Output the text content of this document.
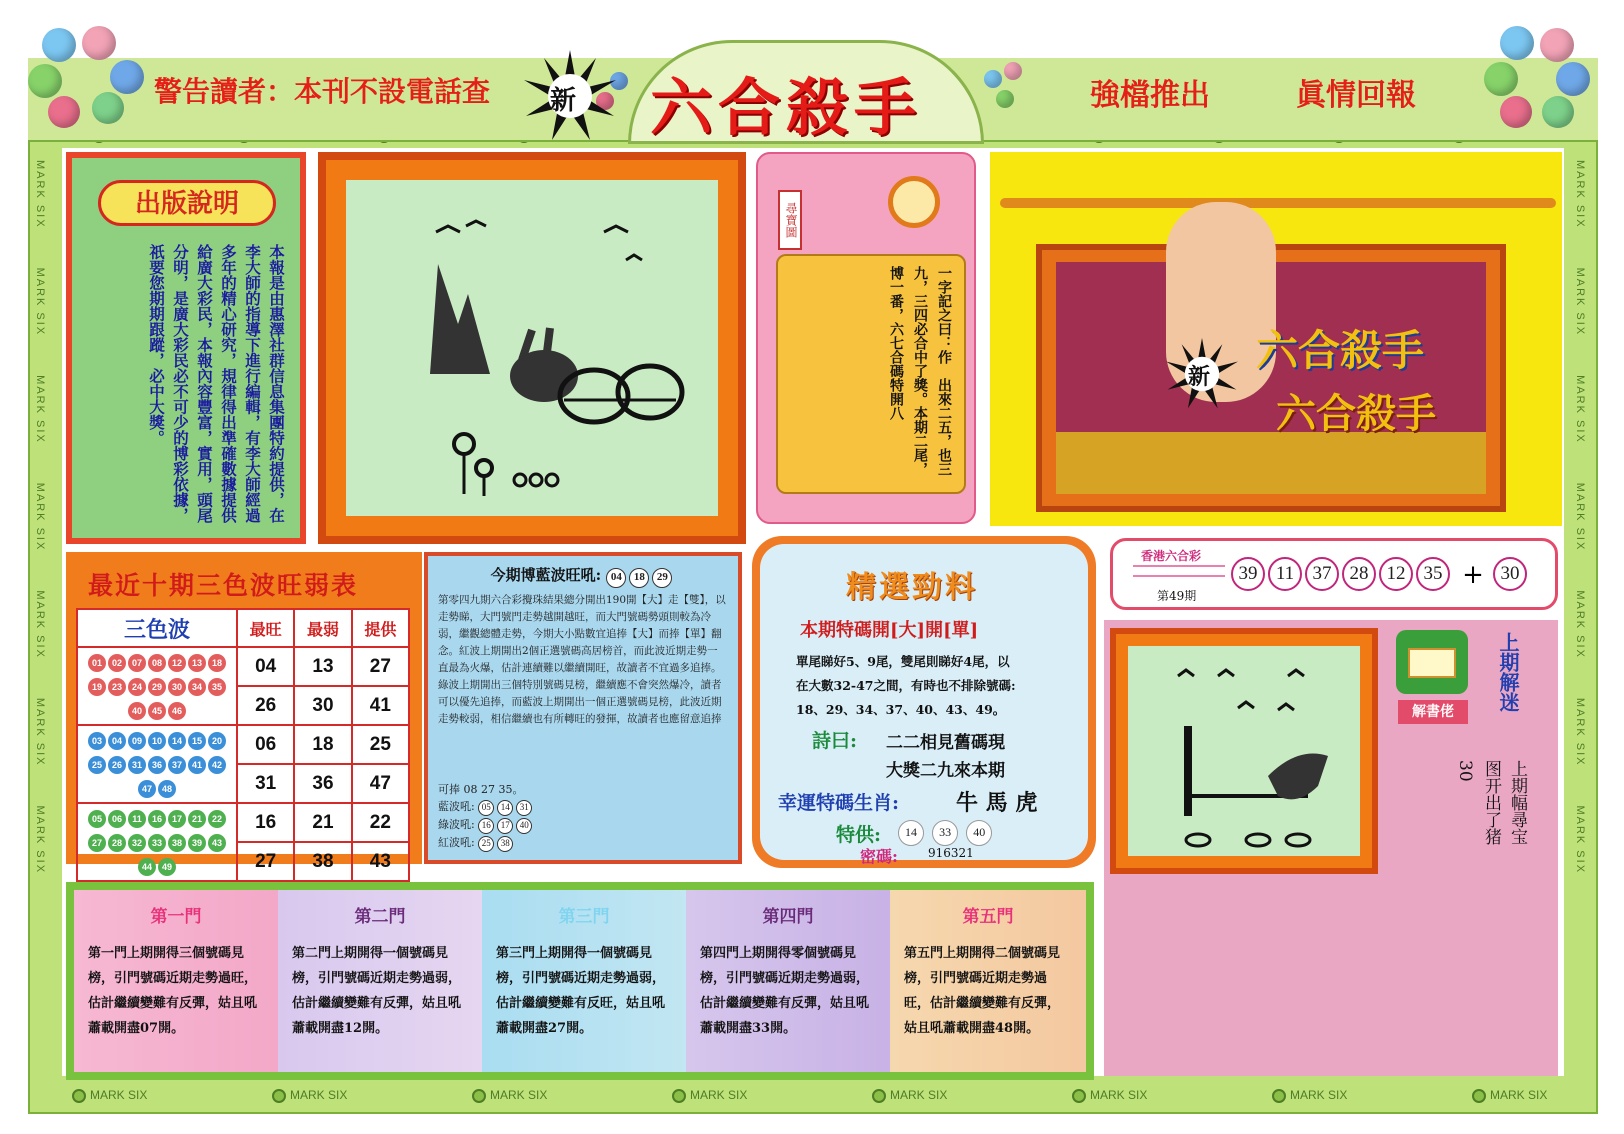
MARK SIX	MARK SIX	MARK SIX	MARK SIX	MARK SIX	MARK SIX	MARK SIX	MARK SIX
MARK SIX　　　MARK SIX　　　MARK SIX　　　MARK SIX　　　MARK SIX　　　MARK SIX　　　MARK SIX
MARK SIX　　　MARK SIX　　　MARK SIX　　　MARK SIX　　　MARK SIX　　　MARK SIX　　　MARK SIX
警告讀者：本刊不設電話查 新 六合殺手	強檔推出	眞情回報
出版說明
本報是由惠澤社群信息集團特約提供，在李大師的指導下進行編輯，有李大師經過多年的精心研究，規律得出準確數據提供給廣大彩民，本報內容豐富，實用，頭尾分明，是廣大彩民必不可少的博彩依據，祇要您期期跟蹤，必中大獎。
尋寶圖
一字記之曰：作　出來二五，也三九，三四必合中了獎。本期二尾，博一番，六七合碼特開八	六合殺手
六合殺手
新
最近十期三色波旺弱表
三色波	最旺	最弱	提供

01 02 07 08 12 13 1819 23 24 29 30 34 3540 45 46	04	13	27
	26	30	41

03 04 09 10 14 15 2025 26 31 36 37 41 4247 48	06	18	25
	31	36	47

05 06 11 16 17 21 2227 28 32 33 38 39 4344 49	16	21	22
	27	38	43
今期博藍波旺吼: 04 18 29
第零四九期六合彩攪珠結果總分開出190開【大】走【雙】，以走勢睇，大門號門走勢越開越旺，而大門號碼勢頭則較為冷弱，繼觀總體走勢，今期大小點數宜追捧【大】而捧【單】翻念。紅波上期開出2個正選號碼高居榜首，而此波近期走勢一直最為火爆，估計連續難以繼續開旺，故讀者不宜過多追捧。綠波上期開出三個特別號碼見榜，繼續應不會突然爆冷，讀者可以優先追捧，而藍波上期開出一個正選號碼見榜，此波近期走勢較弱，相信繼續也有所轉旺的發揮，故讀者也應留意追捧
可捧 08 27 35。
藍波吼: 05 14 31
綠波吼: 16 17 40
紅波吼: 25 38
精選勁料
本期特碼開[大]開[單]
單尾睇好5、9尾，雙尾則睇好4尾，以
在大數32-47之間，有時也不排除號碼:
18、29、34、37、40、43、49。
詩曰: 二二相見舊碼現
大獎二九來本期
幸運特碼生肖:	牛 馬 虎
特供:	14 33 40
密碼:	916321
香港六合彩
第49期
39 11 37 28 12 35 + 30
解書佬	上期解迷
上期幅尋宝图开出了猪30
第一門
第一門上期開得三個號碼見榜，引門號碼近期走勢過旺，估計繼續變難有反彈，姑且吼蕭載開盡07開。
第二門
第二門上期開得一個號碼見榜，引門號碼近期走勢過弱，估計繼續變難有反彈，姑且吼蕭載開盡12開。
第三門
第三門上期開得一個號碼見榜，引門號碼近期走勢過弱，估計繼續變難有反旺，姑且吼蕭載開盡27開。
第四門
第四門上期開得零個號碼見榜，引門號碼近期走勢過弱，估計繼續變難有反彈，姑且吼蕭載開盡33開。
第五門
第五門上期開得二個號碼見榜，引門號碼近期走勢過旺，估計繼續變難有反彈，姑且吼蕭載開盡48開。
